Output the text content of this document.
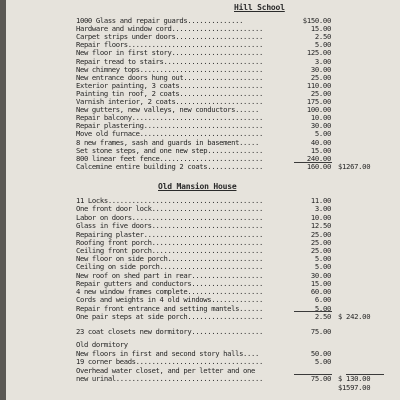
Hill School
1000 Glass and repair guards..............	$150.00
Hardware and window cord.......................	15.00
Carpet strips under doors......................	2.50
Repair floors..................................	5.00
New floor in first story.......................	125.00
Repair tread to stairs.........................	3.00
New chimney tops...............................	30.00
New entrance doors hung out....................	25.00
Exterior painting, 3 coats.....................	110.00
Painting tin roof, 2 coats.....................	25.00
Varnish interior, 2 coats......................	175.00
New gutters, new valleys, new conductors......	100.00
Repair balcony.................................	10.00
Repair plastering..............................	30.00
Move old furnace...............................	5.00
8 new frames, sash and guards in basement.....	40.00
Set stone steps, and one new step..............	15.00
800 linear feet fence..........................	240.00
Calcemine entire building 2 coats..............	160.00 $1267.00
Old Mansion House
11 Locks.......................................	11.00
One front door lock............................	3.00
Labor on doors.................................	10.00
Glass in five doors............................	12.50
Repairing plaster..............................	25.00
Roofing front porch............................	25.00
Ceiling front porch............................	25.00
New floor on side porch........................	5.00
Ceiling on side porch..........................	5.00
New roof on shed part in rear..................	30.00
Repair gutters and conductors..................	15.00
4 new window frames complete...................	60.00
Cords and weights in 4 old windows.............	6.00
Repair front entrance and setting mantels......	5.00
One pair steps at side porch...................	2.50 $ 242.00
23 coat closets new dormitory..................	75.00
Old dormitory
New floors in first and second story halls....	50.00
19 corner beads................................	5.00
Overhead water closet, and per letter and one
new urinal.....................................	75.00 $ 130.00
$1597.00
